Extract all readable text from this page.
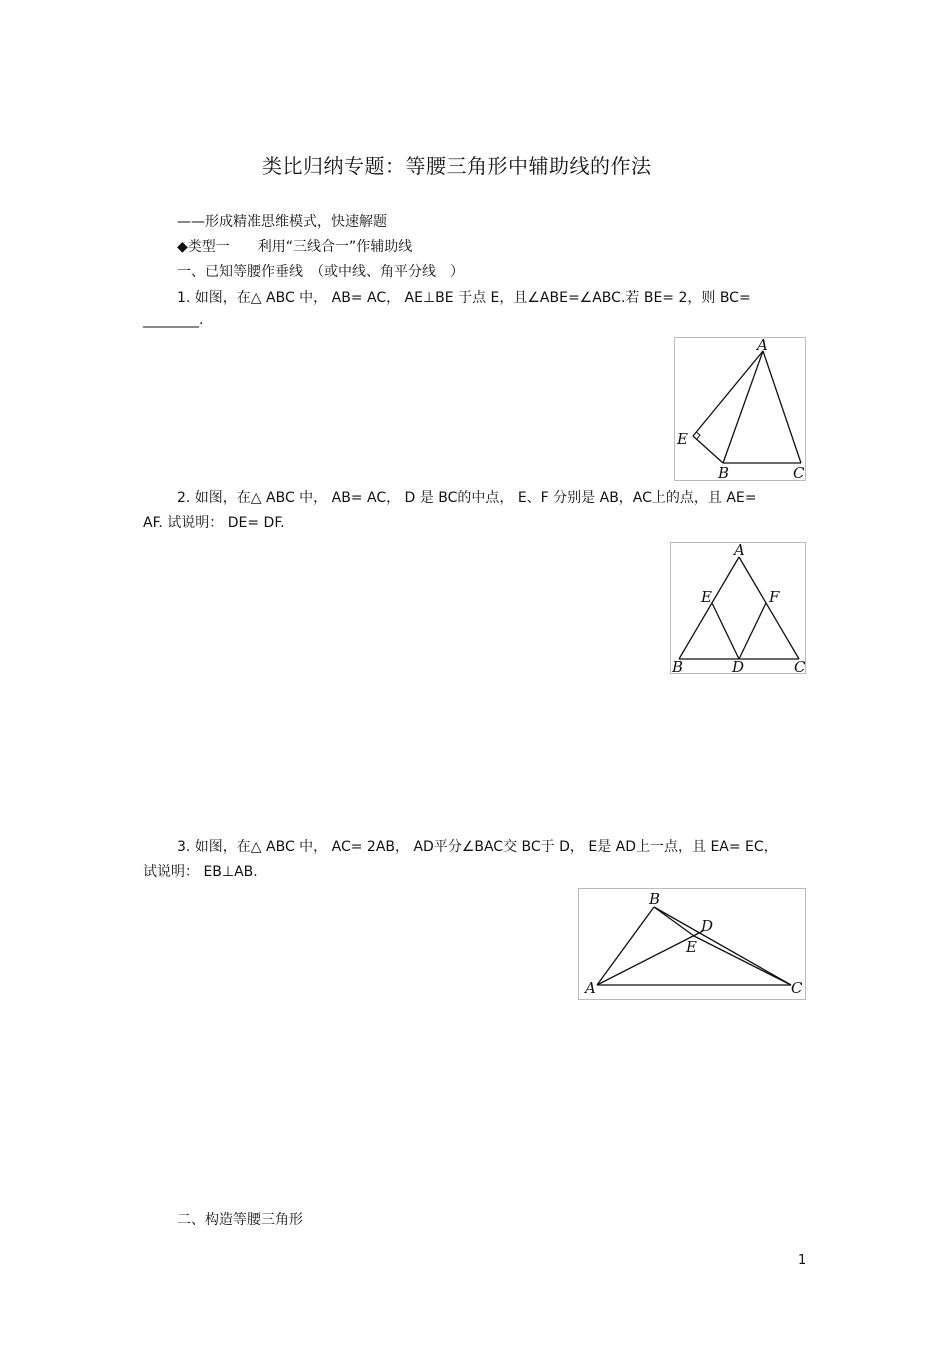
类比归纳专题：等腰三角形中辅助线的作法
——形成精准思维模式，快速解题
◆类型一　　利用“三线合一”作辅助线
一、已知等腰作垂线　（或中线、角平分线　）
1. 如图，在△ ABC 中， AB= AC， AE⊥BE 于点 E，且∠ABE=∠ABC.若 BE= 2，则 BC=
________.
A
E
B	C
2. 如图，在△ ABC 中， AB= AC， D 是 BC的中点， E、F 分别是 AB，AC上的点，且 AE=
AF. 试说明： DE= DF.
A
E	F
B	D	C
3. 如图，在△ ABC 中， AC= 2AB， AD平分∠BAC交 BC于 D， E是 AD上一点，且 EA= EC，
试说明： EB⊥AB.
B
D
E
A	C
二、构造等腰三角形
1
